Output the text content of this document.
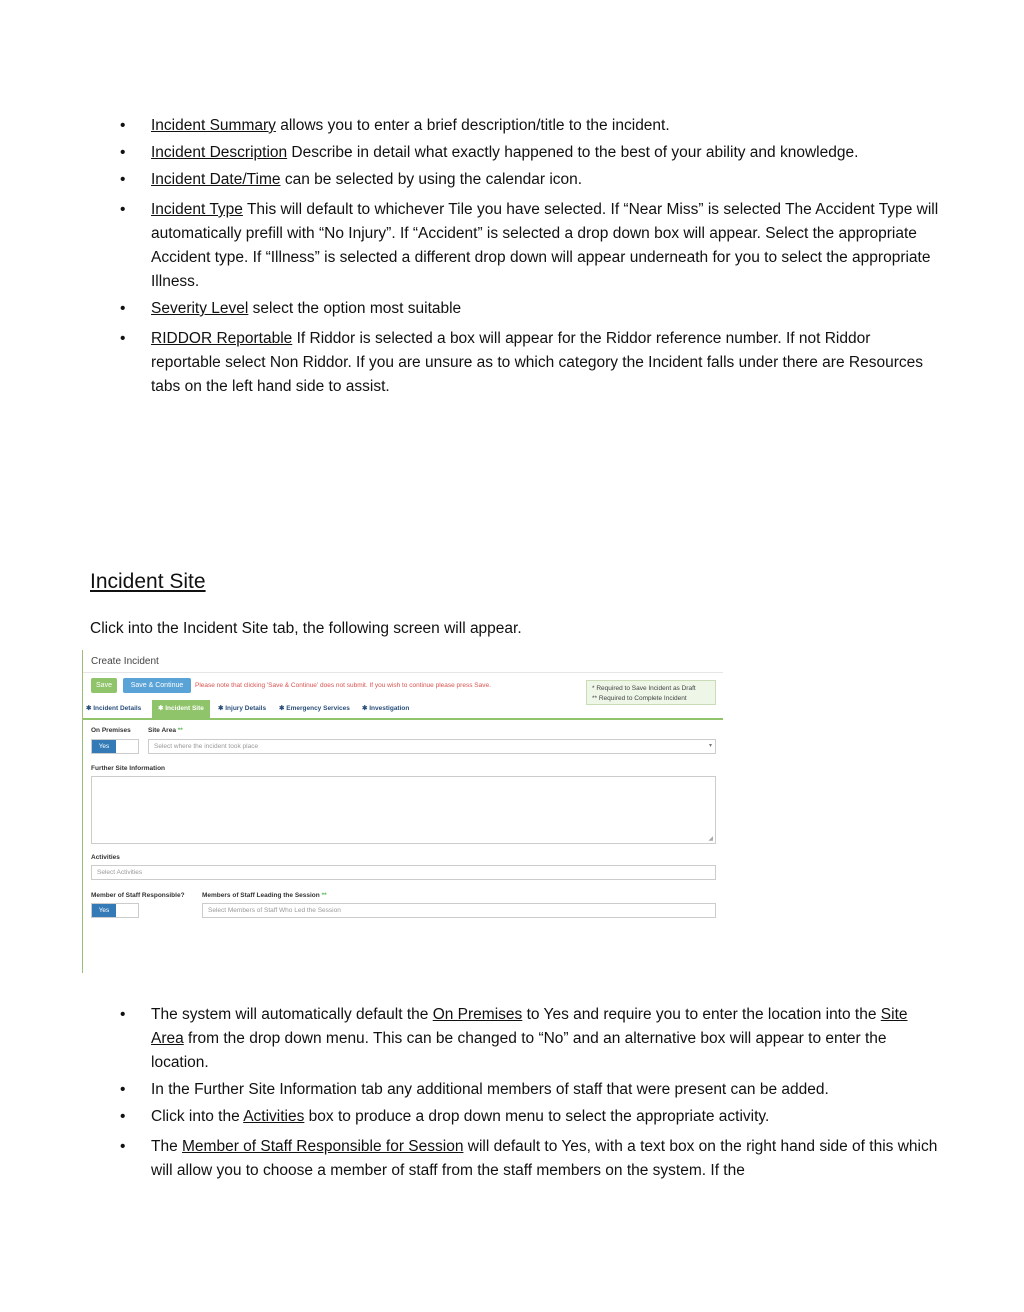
• Incident Summary allows you to enter a brief description/title to the incident.
• Incident Description Describe in detail what exactly happened to the best of your ability and knowledge.
• Incident Date/Time can be selected by using the calendar icon.
• Incident Type This will default to whichever Tile you have selected. If “Near Miss” is selected The Accident Type will automatically prefill with “No Injury”. If “Accident” is selected a drop down box will appear. Select the appropriate Accident type. If “Illness” is selected a different drop down will appear underneath for you to select the appropriate Illness.
• Severity Level select the option most suitable
• RIDDOR Reportable If Riddor is selected a box will appear for the Riddor reference number. If not Riddor reportable select Non Riddor. If you are unsure as to which category the Incident falls under there are Resources tabs on the left hand side to assist.
Incident Site
Click into the Incident Site tab, the following screen will appear.
Create Incident
Save	Save & Continue	Please note that clicking 'Save & Continue' does not submit. If you wish to continue please press Save.	* Required to Save Incident as Draft
** Required to Complete Incident
✱ Incident Details	✱ Incident Site	✱ Injury Details ✱ Emergency Services ✱ Investigation
On Premises
Yes
Site Area **
Select where the incident took place	▾
Further Site Information
◢
Activities
Select Activities
Member of Staff Responsible?
Yes
Members of Staff Leading the Session **
Select Members of Staff Who Led the Session
• The system will automatically default the On Premises to Yes and require you to enter the location into the Site Area from the drop down menu. This can be changed to “No” and an alternative box will appear to enter the location.
• In the Further Site Information tab any additional members of staff that were present can be added.
• Click into the Activities box to produce a drop down menu to select the appropriate activity.
• The Member of Staff Responsible for Session will default to Yes, with a text box on the right hand side of this which will allow you to choose a member of staff from the staff members on the system. If the
